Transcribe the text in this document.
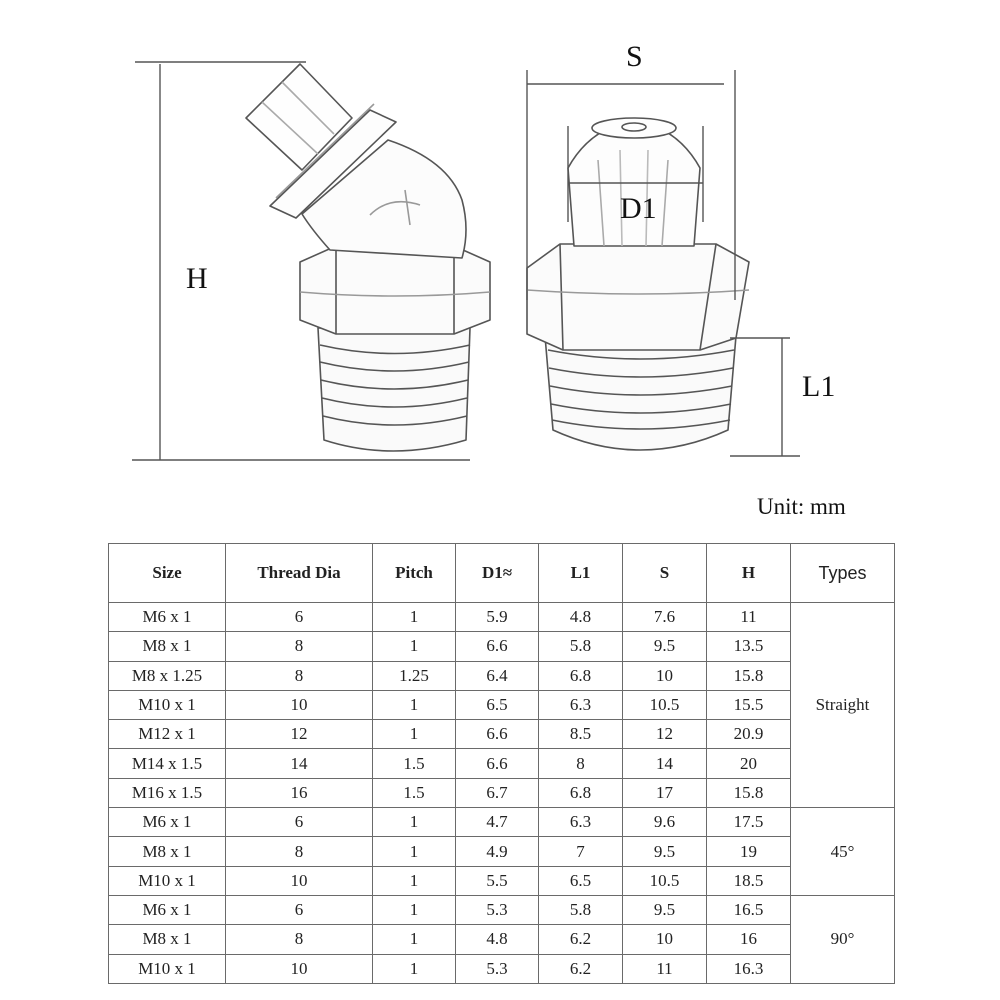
H
S
D1
L1
Unit: mm
Size	Thread Dia	Pitch	D1≈	L1	S	H	Types
M6 x 1	6	1	5.9	4.8	7.6	11	Straight
M8 x 1	8	1	6.6	5.8	9.5	13.5	
M8 x 1.25	8	1.25	6.4	6.8	10	15.8	
M10 x 1	10	1	6.5	6.3	10.5	15.5	
M12 x 1	12	1	6.6	8.5	12	20.9	
M14 x 1.5	14	1.5	6.6	8	14	20	
M16 x 1.5	16	1.5	6.7	6.8	17	15.8	
M6 x 1	6	1	4.7	6.3	9.6	17.5	45°
M8 x 1	8	1	4.9	7	9.5	19	
M10 x 1	10	1	5.5	6.5	10.5	18.5	
M6 x 1	6	1	5.3	5.8	9.5	16.5	90°
M8 x 1	8	1	4.8	6.2	10	16	
M10 x 1	10	1	5.3	6.2	11	16.3	
